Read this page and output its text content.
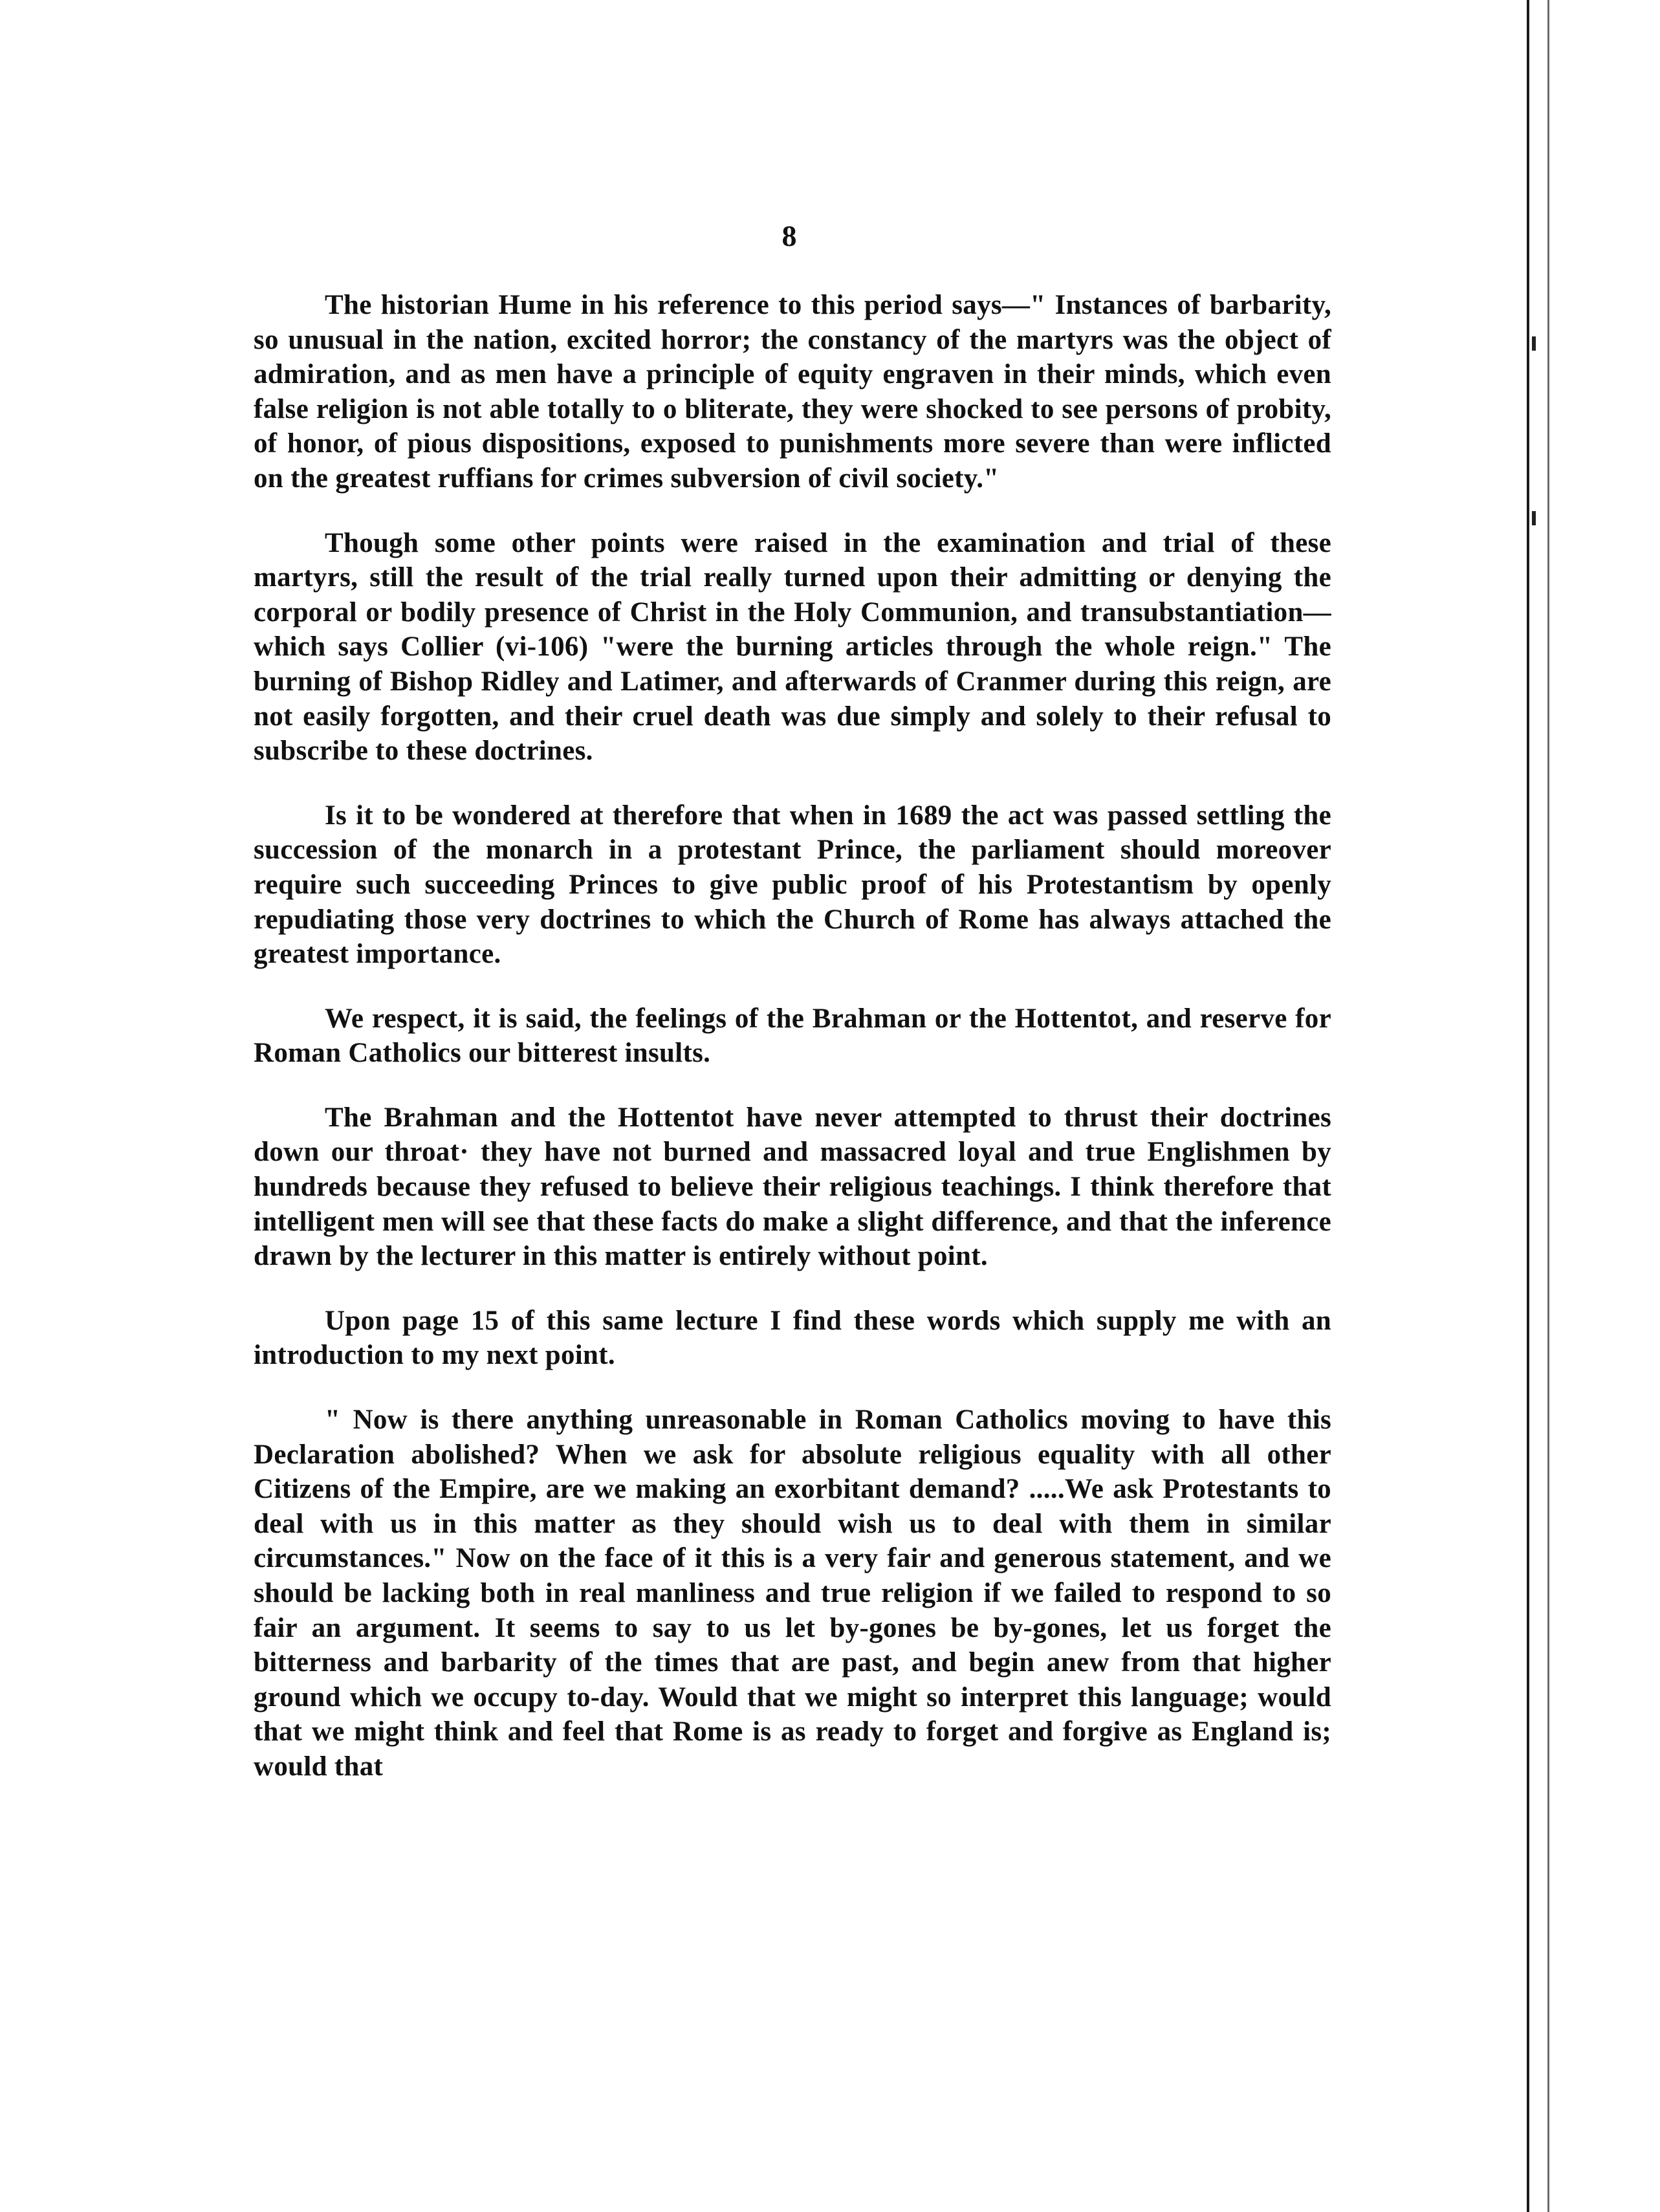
8

The historian Hume in his reference to this period says—" Instances of barbarity, so unusual in the nation, excited horror; the constancy of the martyrs was the object of admiration, and as men have a principle of equity engraven in their minds, which even false religion is not able totally to o bliterate, they were shocked to see persons of probity, of honor, of pious dispositions, exposed to punishments more severe than were inflicted on the greatest ruffians for crimes subversion of civil society."

Though some other points were raised in the examination and trial of these martyrs, still the result of the trial really turned upon their admitting or denying the corporal or bodily presence of Christ in the Holy Communion, and transubstantiation—which says Collier (vi-106) "were the burning articles through the whole reign." The burning of Bishop Ridley and Latimer, and afterwards of Cranmer during this reign, are not easily forgotten, and their cruel death was due simply and solely to their refusal to subscribe to these doctrines.

Is it to be wondered at therefore that when in 1689 the act was passed settling the succession of the monarch in a protestant Prince, the parliament should moreover require such succeeding Princes to give public proof of his Protestantism by openly repudiating those very doctrines to which the Church of Rome has always attached the greatest importance.

We respect, it is said, the feelings of the Brahman or the Hottentot, and reserve for Roman Catholics our bitterest insults.

The Brahman and the Hottentot have never attempted to thrust their doctrines down our throat· they have not burned and massacred loyal and true Englishmen by hundreds because they refused to believe their religious teachings. I think therefore that intelligent men will see that these facts do make a slight difference, and that the inference drawn by the lecturer in this matter is entirely without point.

Upon page 15 of this same lecture I find these words which supply me with an introduction to my next point.

" Now is there anything unreasonable in Roman Catholics moving to have this Declaration abolished? When we ask for absolute religious equality with all other Citizens of the Empire, are we making an exorbitant demand? .....We ask Protestants to deal with us in this matter as they should wish us to deal with them in similar circumstances." Now on the face of it this is a very fair and generous statement, and we should be lacking both in real manliness and true religion if we failed to respond to so fair an argument. It seems to say to us let by-gones be by-gones, let us forget the bitterness and barbarity of the times that are past, and begin anew from that higher ground which we occupy to-day. Would that we might so interpret this language; would that we might think and feel that Rome is as ready to forget and forgive as England is; would that
